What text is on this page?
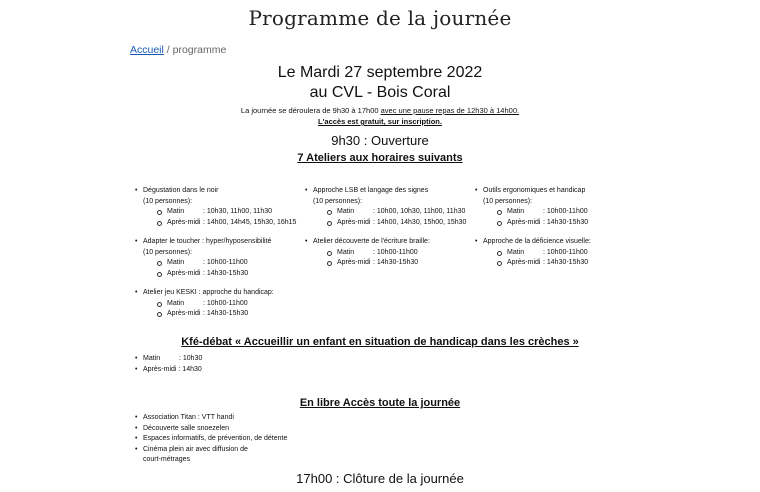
Programme de la journée
Accueil / programme
Le Mardi 27 septembre 2022
au CVL - Bois Coral
La journée se déroulera de 9h30 à 17h00 avec une pause repas de 12h30 à 14h00.
L'accès est gratuit, sur inscription.
9h30 : Ouverture
7 Ateliers aux horaires suivants
• Dégustation dans le noir
(10 personnes):
Matin	: 10h30, 11h00, 11h30
Après-midi : 14h00, 14h45, 15h30, 16h15
• Adapter le toucher : hyper/hyposensibilité
(10 personnes):
Matin	: 10h00-11h00
Après-midi : 14h30-15h30
• Atelier jeu KESKI : approche du handicap:
Matin	: 10h00-11h00
Après-midi : 14h30-15h30
• Approche LSB et langage des signes
(10 personnes):
Matin	: 10h00, 10h30, 11h00, 11h30
Après-midi : 14h00, 14h30, 15h00, 15h30
• Atelier découverte de l'écriture braille:
Matin	: 10h00-11h00
Après-midi : 14h30-15h30
• Outils ergonomiques et handicap
(10 personnes):
Matin	: 10h00-11h00
Après-midi : 14h30-15h30
• Approche de la déficience visuelle:
Matin	: 10h00-11h00
Après-midi : 14h30-15h30
Kfé-débat « Accueillir un enfant en situation de handicap dans les crèches »
• Matin	: 10h30
• Après-midi : 14h30
En libre Accès toute la journée
• Association Titan : VTT handi
• Découverte salle snoezelen
• Espaces informatifs, de prévention, de détente
• Cinéma plein air avec diffusion de court-métrages
17h00 : Clôture de la journée
